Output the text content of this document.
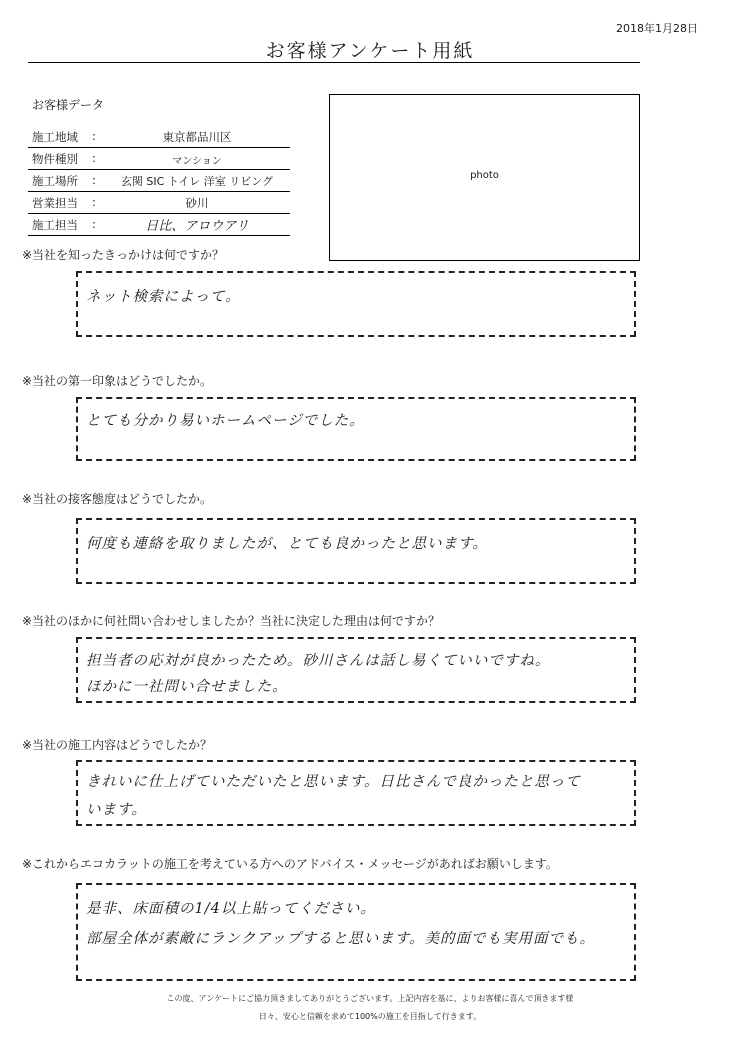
2018年1月28日
お客様アンケート用紙
お客様データ
施工地域 :	東京都品川区
物件種別 :	マンション
施工場所 :	玄関 SIC トイレ 洋室 リビング
営業担当 :	砂川
施工担当 :	日比、アロウアリ
photo
※当社を知ったきっかけは何ですか？
ネット検索によって。
※当社の第一印象はどうでしたか。
とても分かり易いホームページでした。
※当社の接客態度はどうでしたか。
何度も連絡を取りましたが、とても良かったと思います。
※当社のほかに何社問い合わせしましたか？当社に決定した理由は何ですか？
担当者の応対が良かったため。砂川さんは話し易くていいですね。
ほかに一社問い合せました。
※当社の施工内容はどうでしたか？
きれいに仕上げていただいたと思います。日比さんで良かったと思って
います。
※これからエコカラットの施工を考えている方へのアドバイス・メッセージがあればお願いします。
是非、床面積の1/4以上貼ってください。
部屋全体が素敵にランクアップすると思います。美的面でも実用面でも。
この度、アンケートにご協力頂きましてありがとうございます。上記内容を基に、よりお客様に喜んで頂きます様
日々、安心と信頼を求めて100%の施工を目指して行きます。
